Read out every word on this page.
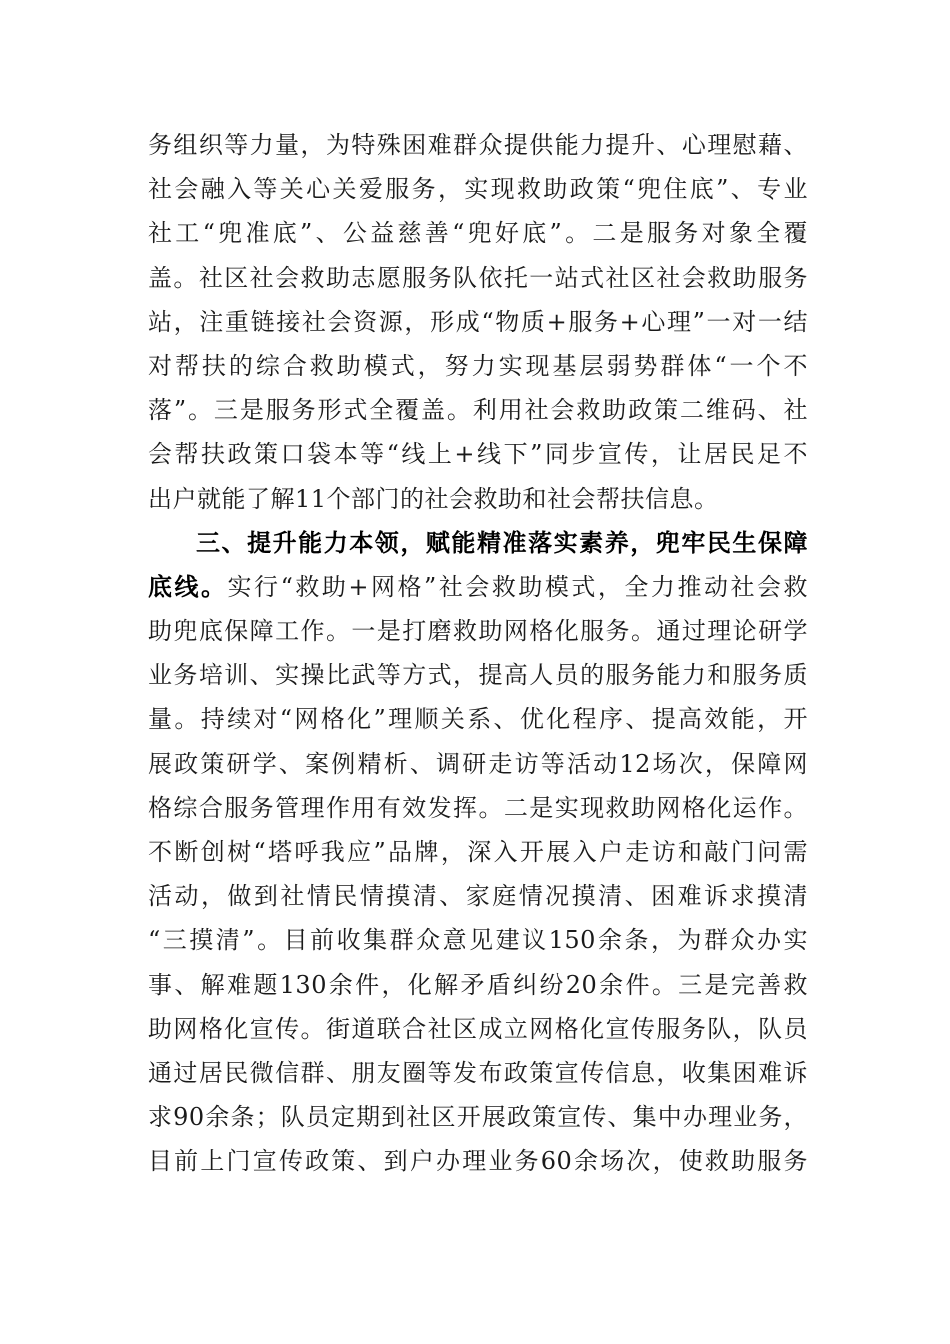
务组织等力量，为特殊困难群众提供能力提升、心理慰藉、
社会融入等关心关爱服务，实现救助政策“兜住底”、专业
社工“兜准底”、公益慈善“兜好底”。二是服务对象全覆
盖。社区社会救助志愿服务队依托一站式社区社会救助服务
站，注重链接社会资源，形成“物质+服务+心理”一对一结
对帮扶的综合救助模式，努力实现基层弱势群体“一个不
落”。三是服务形式全覆盖。利用社会救助政策二维码、社
会帮扶政策口袋本等“线上+线下”同步宣传，让居民足不
出户就能了解11个部门的社会救助和社会帮扶信息。
三、提升能力本领，赋能精准落实素养，兜牢民生保障
底线。实行“救助+网格”社会救助模式，全力推动社会救
助兜底保障工作。一是打磨救助网格化服务。通过理论研学
业务培训、实操比武等方式，提高人员的服务能力和服务质
量。持续对“网格化”理顺关系、优化程序、提高效能，开
展政策研学、案例精析、调研走访等活动12场次，保障网
格综合服务管理作用有效发挥。二是实现救助网格化运作。
不断创树“塔呼我应”品牌，深入开展入户走访和敲门问需
活动，做到社情民情摸清、家庭情况摸清、困难诉求摸清
“三摸清”。目前收集群众意见建议150余条，为群众办实
事、解难题130余件，化解矛盾纠纷20余件。三是完善救
助网格化宣传。街道联合社区成立网格化宣传服务队，队员
通过居民微信群、朋友圈等发布政策宣传信息，收集困难诉
求90余条；队员定期到社区开展政策宣传、集中办理业务，
目前上门宣传政策、到户办理业务60余场次，使救助服务
